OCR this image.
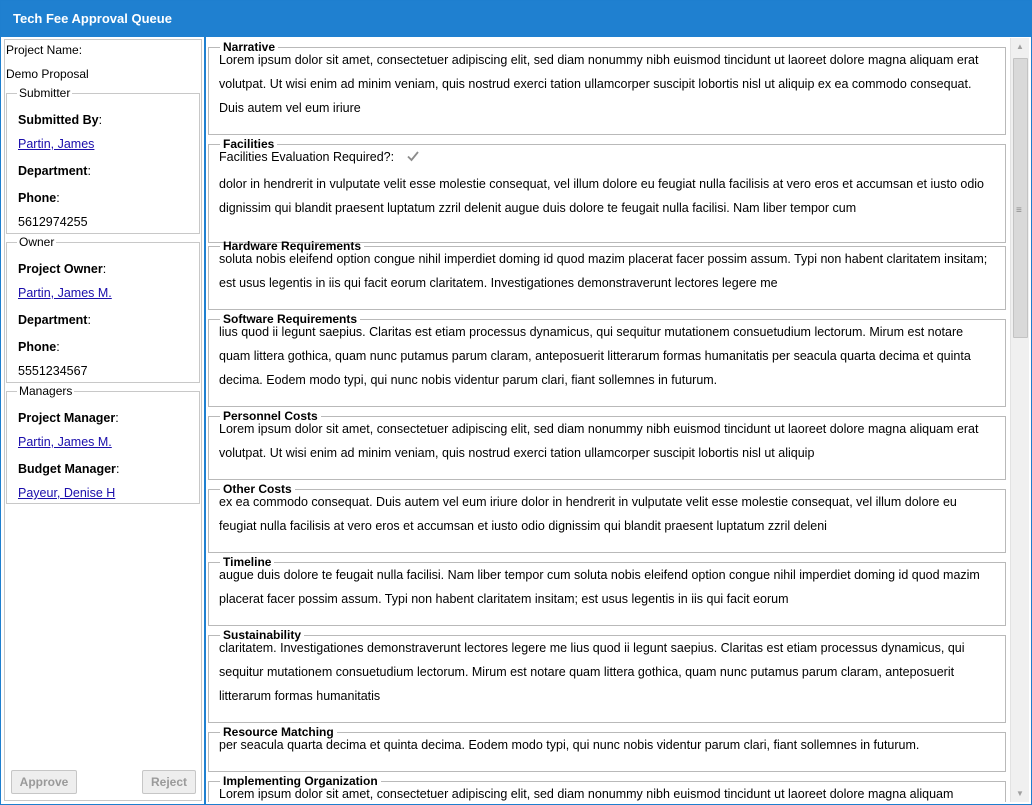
Tech Fee Approval Queue
Project Name:
Demo Proposal
Submitter
Submitted By:
Partin, James
Department:
Phone:
5612974255
Owner
Project Owner:
Partin, James M.
Department:
Phone:
5551234567
Managers
Project Manager:
Partin, James M.
Budget Manager:
Payeur, Denise H
Approve	Reject
Narrative

Lorem ipsum dolor sit amet, consectetuer adipiscing elit, sed diam nonummy nibh euismod tincidunt ut laoreet dolore magna aliquam erat volutpat. Ut wisi enim ad minim veniam, quis nostrud exerci tation ullamcorper suscipit lobortis nisl ut aliquip ex ea commodo consequat. Duis autem vel eum iriure

Facilities
Facilities Evaluation Required?:

dolor in hendrerit in vulputate velit esse molestie consequat, vel illum dolore eu feugiat nulla facilisis at vero eros et accumsan et iusto odio dignissim qui blandit praesent luptatum zzril delenit augue duis dolore te feugait nulla facilisi. Nam liber tempor cum

Hardware Requirements

soluta nobis eleifend option congue nihil imperdiet doming id quod mazim placerat facer possim assum. Typi non habent claritatem insitam; est usus legentis in iis qui facit eorum claritatem. Investigationes demonstraverunt lectores legere me

Software Requirements

lius quod ii legunt saepius. Claritas est etiam processus dynamicus, qui sequitur mutationem consuetudium lectorum. Mirum est notare quam littera gothica, quam nunc putamus parum claram, anteposuerit litterarum formas humanitatis per seacula quarta decima et quinta decima. Eodem modo typi, qui nunc nobis videntur parum clari, fiant sollemnes in futurum.

Personnel Costs

Lorem ipsum dolor sit amet, consectetuer adipiscing elit, sed diam nonummy nibh euismod tincidunt ut laoreet dolore magna aliquam erat volutpat. Ut wisi enim ad minim veniam, quis nostrud exerci tation ullamcorper suscipit lobortis nisl ut aliquip

Other Costs

ex ea commodo consequat. Duis autem vel eum iriure dolor in hendrerit in vulputate velit esse molestie consequat, vel illum dolore eu feugiat nulla facilisis at vero eros et accumsan et iusto odio dignissim qui blandit praesent luptatum zzril deleni

Timeline

augue duis dolore te feugait nulla facilisi. Nam liber tempor cum soluta nobis eleifend option congue nihil imperdiet doming id quod mazim placerat facer possim assum. Typi non habent claritatem insitam; est usus legentis in iis qui facit eorum

Sustainability

claritatem. Investigationes demonstraverunt lectores legere me lius quod ii legunt saepius. Claritas est etiam processus dynamicus, qui sequitur mutationem consuetudium lectorum. Mirum est notare quam littera gothica, quam nunc putamus parum claram, anteposuerit litterarum formas humanitatis

Resource Matching

per seacula quarta decima et quinta decima. Eodem modo typi, qui nunc nobis videntur parum clari, fiant sollemnes in futurum.

Implementing Organization

Lorem ipsum dolor sit amet, consectetuer adipiscing elit, sed diam nonummy nibh euismod tincidunt ut laoreet dolore magna aliquam

▲
≡
▼
